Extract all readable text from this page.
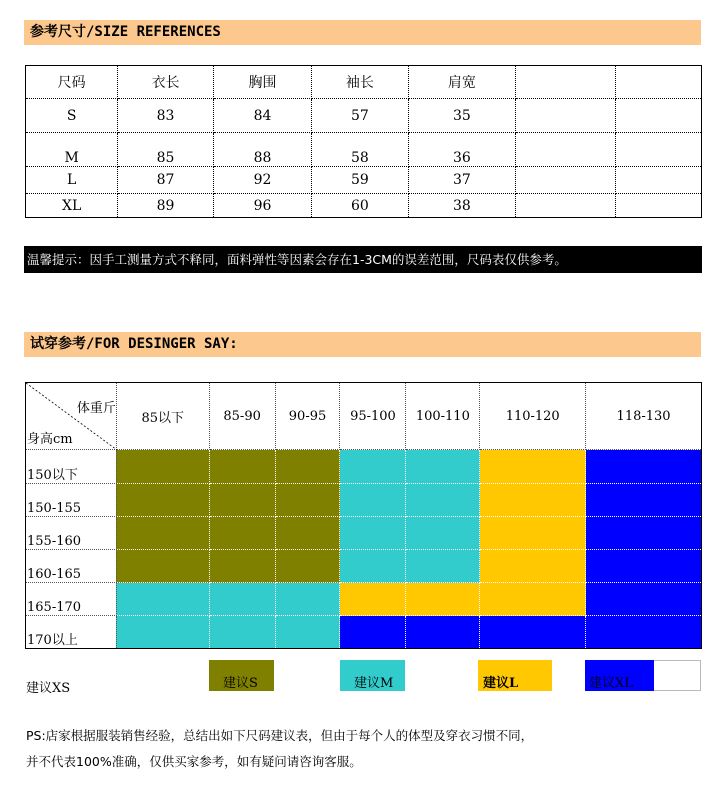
参考尺寸/SIZE REFERENCES
尺码	衣长	胸围	袖长	肩宽		
S	83	84	57	35		
M	85	88	58	36		
L	87	92	59	37		
XL	89	96	60	38		
温馨提示：因手工测量方式不释同，面料弹性等因素会存在1-3CM的误差范围，尺码表仅供参考。
试穿参考/FOR DESINGER SAY:
体重斤
身高cm	85以下	85-90	90-95	95-100	100-110	110-120	118-130
150以下							
150-155							
155-160							
160-165							
165-170							
170以上							
建议XS	建议S	建议M	建议L	建议XL
PS:店家根据服装销售经验，总结出如下尺码建议表，但由于每个人的体型及穿衣习惯不同，
并不代表100%准确，仅供买家参考，如有疑问请咨询客服。
